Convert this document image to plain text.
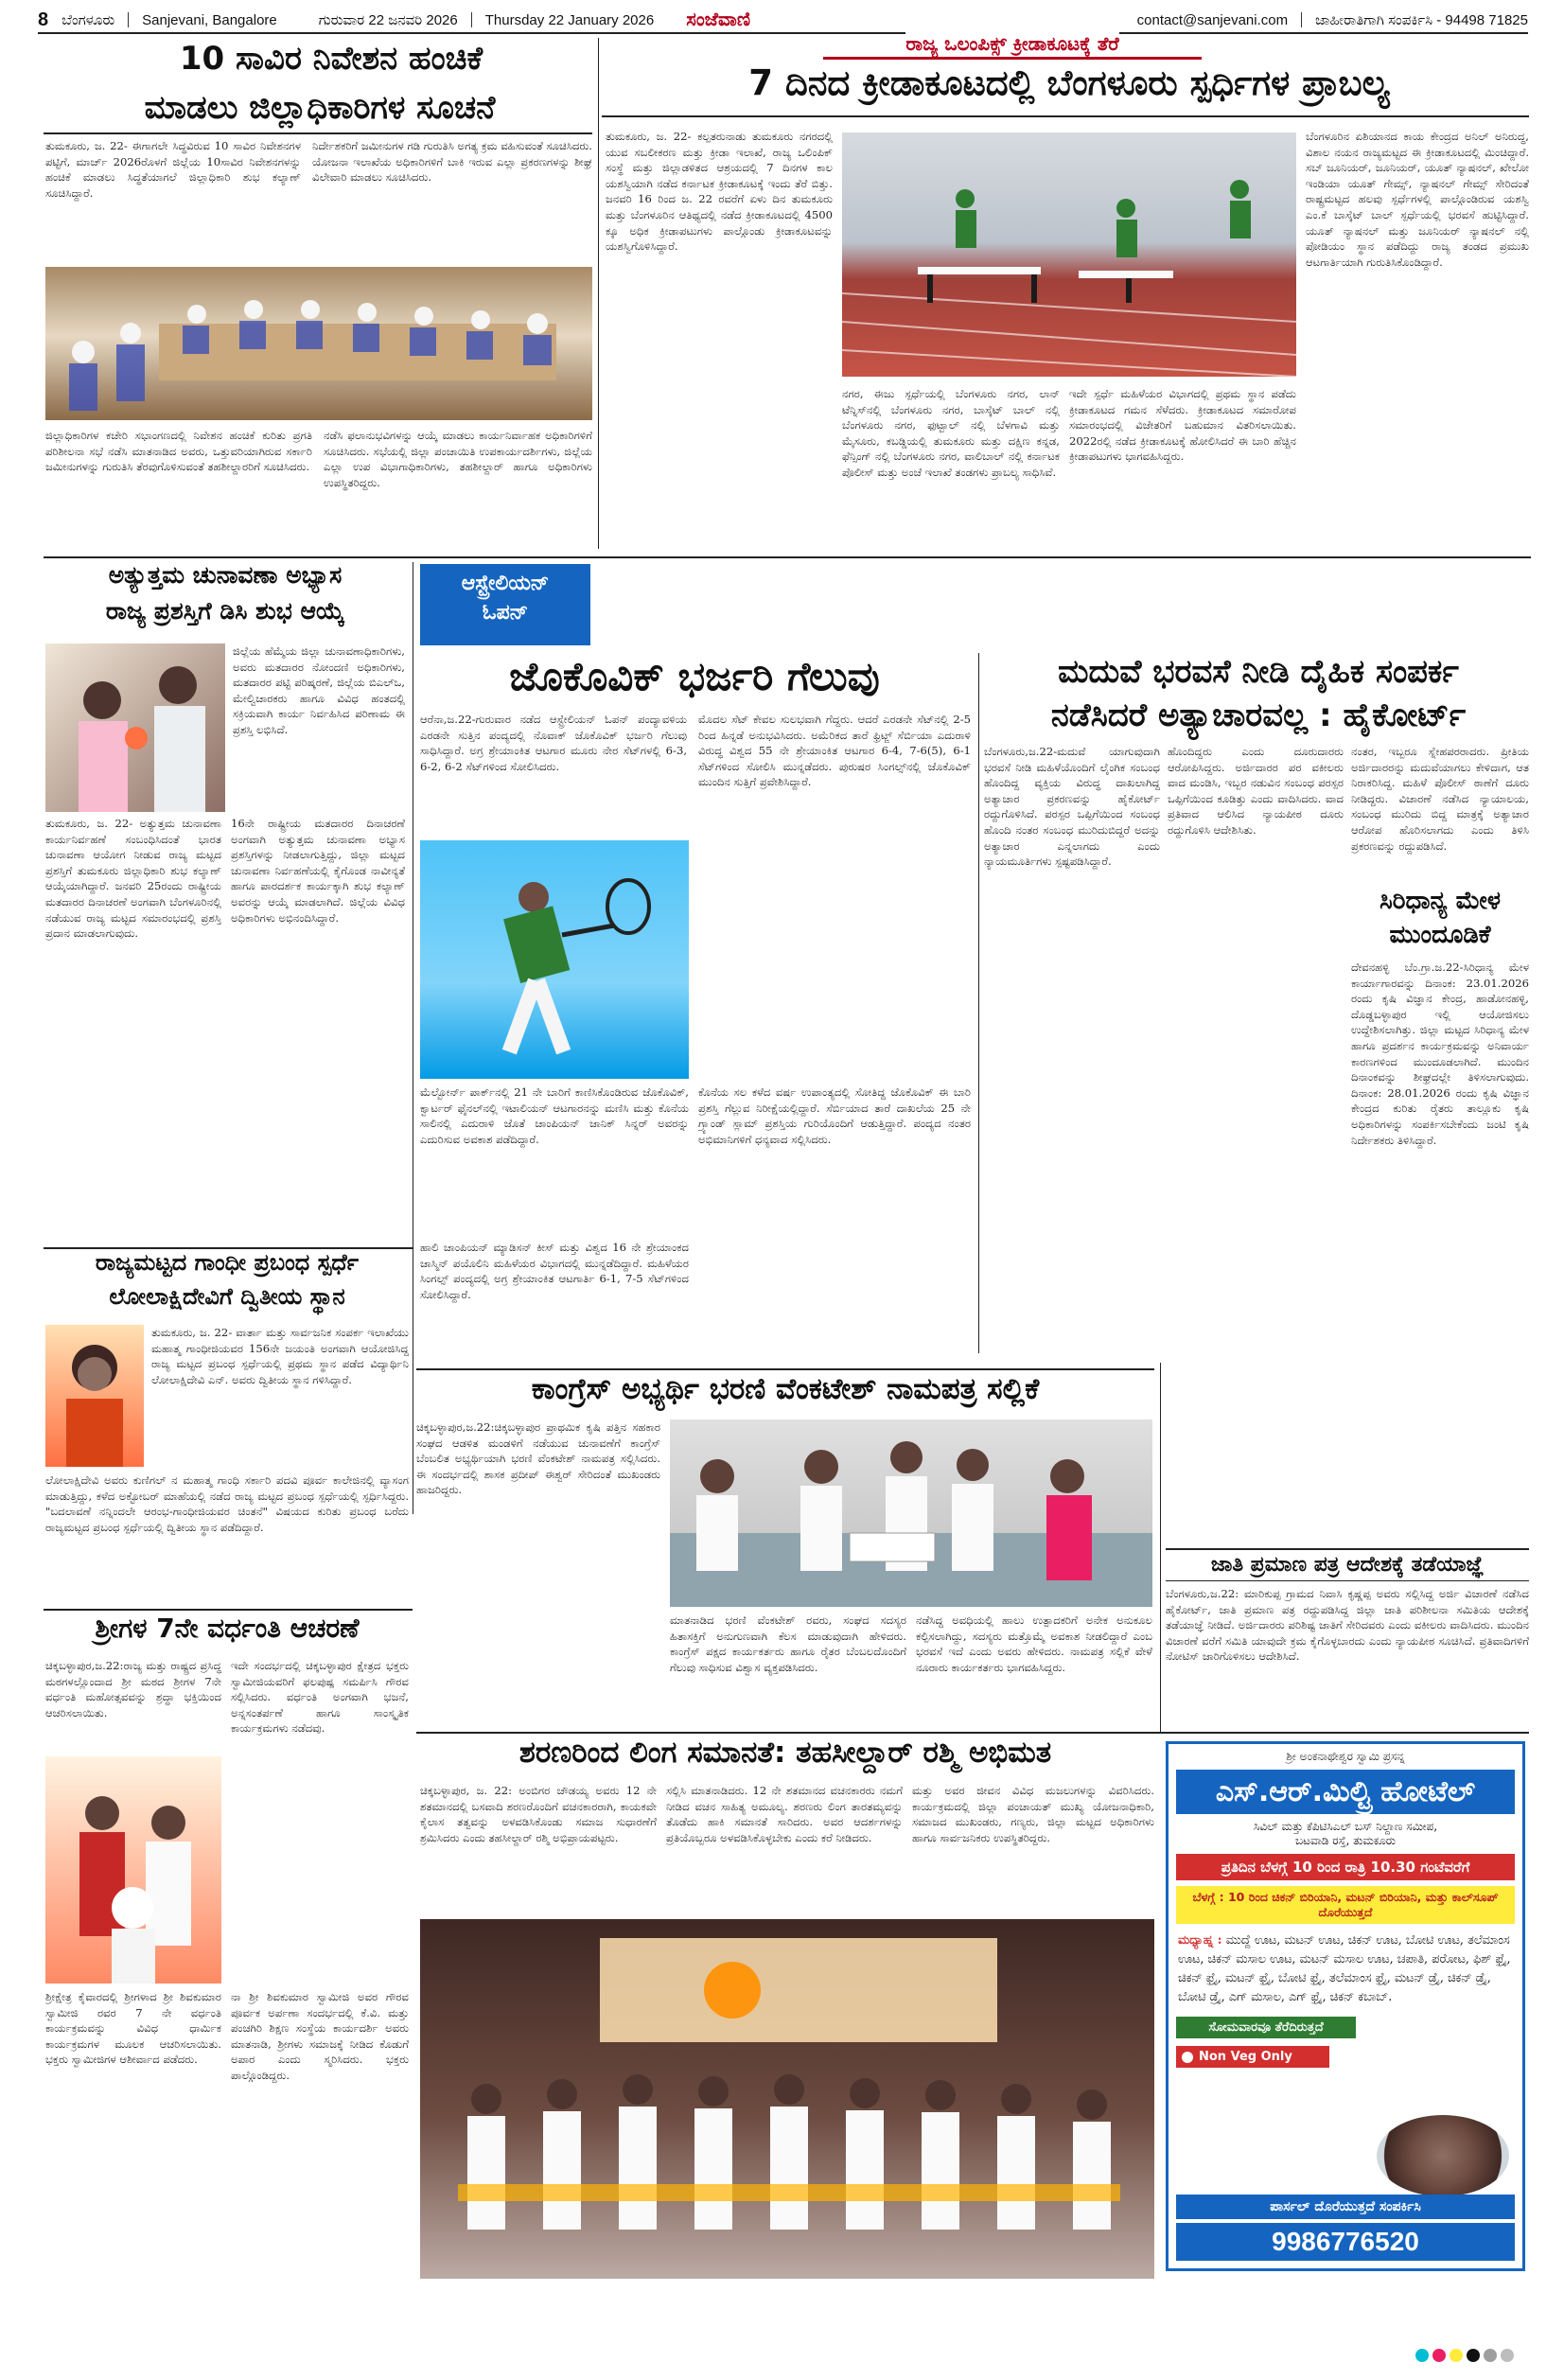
8 ಬೆಂಗಳೂರು Sanjevani, Bangalore	ಗುರುವಾರ 22 ಜನವರಿ 2026 Thursday 22 January 2026 ಸಂಜೆವಾಣಿ	contact@sanjevani.com ಜಾಹೀರಾತಿಗಾಗಿ ಸಂಪರ್ಕಿಸಿ - 94498 71825
10 ಸಾವಿರ ನಿವೇಶನ ಹಂಚಿಕೆ
ಮಾಡಲು ಜಿಲ್ಲಾಧಿಕಾರಿಗಳ ಸೂಚನೆ
ತುಮಕೂರು, ಜ. 22- ಈಗಾಗಲೇ ಸಿದ್ಧವಿರುವ 10 ಸಾವಿರ ನಿವೇಶನಗಳ ಪಟ್ಟಿಗೆ, ಮಾರ್ಚ್ 2026ರೊಳಗೆ ಜಿಲ್ಲೆಯ 10ಸಾವಿರ ನಿವೇಶನಗಳನ್ನು ಹಂಚಿಕೆ ಮಾಡಲು ಸಿದ್ಧತೆಯಾಗಲೆ ಜಿಲ್ಲಾಧಿಕಾರಿ ಶುಭ ಕಲ್ಯಾಣ್ ಸೂಚಿಸಿದ್ದಾರೆ.
ನಿರ್ದೇಶಕರಿಗೆ ಜಮೀನುಗಳ ಗಡಿ ಗುರುತಿಸಿ ಅಗತ್ಯ ಕ್ರಮ ವಹಿಸುವಂತೆ ಸೂಚಿಸಿದರು. ಯೋಜನಾ ಇಲಾಖೆಯ ಅಧಿಕಾರಿಗಳಿಗೆ ಬಾಕಿ ಇರುವ ಎಲ್ಲಾ ಪ್ರಕರಣಗಳನ್ನು ಶೀಘ್ರ ವಿಲೇವಾರಿ ಮಾಡಲು ಸೂಚಿಸಿದರು.
ಜಿಲ್ಲಾಧಿಕಾರಿಗಳ ಕಚೇರಿ ಸಭಾಂಗಣದಲ್ಲಿ ನಿವೇಶನ ಹಂಚಿಕೆ ಕುರಿತು ಪ್ರಗತಿ ಪರಿಶೀಲನಾ ಸಭೆ ನಡೆಸಿ ಮಾತನಾಡಿದ ಅವರು, ಒತ್ತುವರಿಯಾಗಿರುವ ಸರ್ಕಾರಿ ಜಮೀನುಗಳನ್ನು ಗುರುತಿಸಿ ತೆರವುಗೊಳಿಸುವಂತೆ ತಹಶೀಲ್ದಾರರಿಗೆ ಸೂಚಿಸಿದರು.
ನಡೆಸಿ ಫಲಾನುಭವಿಗಳನ್ನು ಆಯ್ಕೆ ಮಾಡಲು ಕಾರ್ಯನಿರ್ವಾಹಕ ಅಧಿಕಾರಿಗಳಿಗೆ ಸೂಚಿಸಿದರು. ಸಭೆಯಲ್ಲಿ ಜಿಲ್ಲಾ ಪಂಚಾಯಿತಿ ಉಪಕಾರ್ಯದರ್ಶಿಗಳು, ಜಿಲ್ಲೆಯ ಎಲ್ಲಾ ಉಪ ವಿಭಾಗಾಧಿಕಾರಿಗಳು, ತಹಶೀಲ್ದಾರ್ ಹಾಗೂ ಅಧಿಕಾರಿಗಳು ಉಪಸ್ಥಿತರಿದ್ದರು.
ರಾಜ್ಯ ಒಲಂಪಿಕ್ಸ್ ಕ್ರೀಡಾಕೂಟಕ್ಕೆ ತೆರೆ
7 ದಿನದ ಕ್ರೀಡಾಕೂಟದಲ್ಲಿ ಬೆಂಗಳೂರು ಸ್ಪರ್ಧಿಗಳ ಪ್ರಾಬಲ್ಯ
ತುಮಕೂರು, ಜ. 22- ಕಲ್ಪತರುನಾಡು ತುಮಕೂರು ನಗರದಲ್ಲಿ ಯುವ ಸಬಲೀಕರಣ ಮತ್ತು ಕ್ರೀಡಾ ಇಲಾಖೆ, ರಾಜ್ಯ ಒಲಿಂಪಿಕ್ ಸಂಸ್ಥೆ ಮತ್ತು ಜಿಲ್ಲಾಡಳಿತದ ಆಶ್ರಯದಲ್ಲಿ 7 ದಿನಗಳ ಕಾಲ ಯಶಸ್ವಿಯಾಗಿ ನಡೆದ ಕರ್ನಾಟಕ ಕ್ರೀಡಾಕೂಟಕ್ಕೆ ಇಂದು ತೆರೆ ಬಿತ್ತು. ಜನವರಿ 16 ರಿಂದ ಜ. 22 ರವರೆಗೆ ಏಳು ದಿನ ತುಮಕೂರು ಮತ್ತು ಬೆಂಗಳೂರಿನ ಆತಿಥ್ಯದಲ್ಲಿ ನಡೆದ ಕ್ರೀಡಾಕೂಟದಲ್ಲಿ 4500 ಕ್ಕೂ ಅಧಿಕ ಕ್ರೀಡಾಪಟುಗಳು ಪಾಲ್ಗೊಂಡು ಕ್ರೀಡಾಕೂಟವನ್ನು ಯಶಸ್ವಿಗೊಳಿಸಿದ್ದಾರೆ.
ನಗರ, ಈಜು ಸ್ಪರ್ಧೆಯಲ್ಲಿ ಬೆಂಗಳೂರು ನಗರ, ಲಾನ್ ಟೆನ್ನಿಸ್‌ನಲ್ಲಿ ಬೆಂಗಳೂರು ನಗರ, ಬಾಸ್ಕೆಟ್ ಬಾಲ್ ನಲ್ಲಿ ಬೆಂಗಳೂರು ನಗರ, ಫುಟ್ಬಾಲ್ ನಲ್ಲಿ ಬೆಳಗಾವಿ ಮತ್ತು ಮೈಸೂರು, ಕಬಡ್ಡಿಯಲ್ಲಿ ತುಮಕೂರು ಮತ್ತು ದಕ್ಷಿಣ ಕನ್ನಡ, ಫೆನ್ಸಿಂಗ್ ನಲ್ಲಿ ಬೆಂಗಳೂರು ನಗರ, ವಾಲಿಬಾಲ್ ನಲ್ಲಿ ಕರ್ನಾಟಕ ಪೊಲೀಸ್ ಮತ್ತು ಅಂಚೆ ಇಲಾಖೆ ತಂಡಗಳು ಪ್ರಾಬಲ್ಯ ಸಾಧಿಸಿವೆ.
ಇದೇ ಸ್ಪರ್ಧೆ ಮಹಿಳೆಯರ ವಿಭಾಗದಲ್ಲಿ ಪ್ರಥಮ ಸ್ಥಾನ ಪಡೆದು ಕ್ರೀಡಾಕೂಟದ ಗಮನ ಸೆಳೆದರು. ಕ್ರೀಡಾಕೂಟದ ಸಮಾರೋಪ ಸಮಾರಂಭದಲ್ಲಿ ವಿಜೇತರಿಗೆ ಬಹುಮಾನ ವಿತರಿಸಲಾಯಿತು. 2022ರಲ್ಲಿ ನಡೆದ ಕ್ರೀಡಾಕೂಟಕ್ಕೆ ಹೋಲಿಸಿದರೆ ಈ ಬಾರಿ ಹೆಚ್ಚಿನ ಕ್ರೀಡಾಪಟುಗಳು ಭಾಗವಹಿಸಿದ್ದರು.
ಬೆಂಗಳೂರಿನ ಏಶಿಯಾನದ ಕಾಯ ಕೇಂದ್ರದ ಅನಿಲ್ ಅನಿರುದ್ಧ, ವಿಶಾಲ ನಯನ ರಾಜ್ಯಮಟ್ಟದ ಈ ಕ್ರೀಡಾಕೂಟದಲ್ಲಿ ಮಿಂಚಿದ್ದಾರೆ. ಸಬ್ ಜೂನಿಯರ್, ಜೂನಿಯರ್, ಯೂತ್ ನ್ಯಾಷನಲ್, ಖೇಲೋ ಇಂಡಿಯಾ ಯೂತ್ ಗೇಮ್ಸ್, ನ್ಯಾಷನಲ್ ಗೇಮ್ಸ್ ಸೇರಿದಂತೆ ರಾಷ್ಟ್ರಮಟ್ಟದ ಹಲವು ಸ್ಪರ್ಧೆಗಳಲ್ಲಿ ಪಾಲ್ಗೊಂಡಿರುವ ಯಶಸ್ವಿ ಎಂ.ಕೆ ಬಾಸ್ಕೆಟ್ ಬಾಲ್ ಸ್ಪರ್ಧೆಯಲ್ಲಿ ಭರವಸೆ ಹುಟ್ಟಿಸಿದ್ದಾರೆ. ಯೂತ್ ನ್ಯಾಷನಲ್ ಮತ್ತು ಜೂನಿಯರ್ ನ್ಯಾಷನಲ್ ನಲ್ಲಿ ಪೋಡಿಯಂ ಸ್ಥಾನ ಪಡೆದಿದ್ದು ರಾಜ್ಯ ತಂಡದ ಪ್ರಮುಖ ಆಟಗಾರ್ತಿಯಾಗಿ ಗುರುತಿಸಿಕೊಂಡಿದ್ದಾರೆ.
ಅತ್ಯುತ್ತಮ ಚುನಾವಣಾ ಅಭ್ಯಾಸ
ರಾಜ್ಯ ಪ್ರಶಸ್ತಿಗೆ ಡಿಸಿ ಶುಭ ಆಯ್ಕೆ
ಜಿಲ್ಲೆಯ ಹೆಮ್ಮೆಯ ಜಿಲ್ಲಾ ಚುನಾವಣಾಧಿಕಾರಿಗಳು, ಅವರು ಮತದಾರರ ನೋಂದಣಿ ಅಧಿಕಾರಿಗಳು, ಮತದಾರರ ಪಟ್ಟಿ ಪರಿಷ್ಕರಣೆ, ಜಿಲ್ಲೆಯ ಬಿಎಲ್‌ಒ, ಮೇಲ್ವಿಚಾರಕರು ಹಾಗೂ ವಿವಿಧ ಹಂತದಲ್ಲಿ ಸಕ್ರಿಯವಾಗಿ ಕಾರ್ಯ ನಿರ್ವಹಿಸಿದ ಪರಿಣಾಮ ಈ ಪ್ರಶಸ್ತಿ ಲಭಿಸಿದೆ.
ತುಮಕೂರು, ಜ. 22- ಅತ್ಯುತ್ತಮ ಚುನಾವಣಾ ಕಾರ್ಯನಿರ್ವಹಣೆ ಸಂಬಂಧಿಸಿದಂತೆ ಭಾರತ ಚುನಾವಣಾ ಆಯೋಗ ನೀಡುವ ರಾಜ್ಯ ಮಟ್ಟದ ಪ್ರಶಸ್ತಿಗೆ ತುಮಕೂರು ಜಿಲ್ಲಾಧಿಕಾರಿ ಶುಭ ಕಲ್ಯಾಣ್ ಆಯ್ಕೆಯಾಗಿದ್ದಾರೆ. ಜನವರಿ 25ರಂದು ರಾಷ್ಟ್ರೀಯ ಮತದಾರರ ದಿನಾಚರಣೆ ಅಂಗವಾಗಿ ಬೆಂಗಳೂರಿನಲ್ಲಿ ನಡೆಯುವ ರಾಜ್ಯ ಮಟ್ಟದ ಸಮಾರಂಭದಲ್ಲಿ ಪ್ರಶಸ್ತಿ ಪ್ರದಾನ ಮಾಡಲಾಗುವುದು.
16ನೇ ರಾಷ್ಟ್ರೀಯ ಮತದಾರರ ದಿನಾಚರಣೆ ಅಂಗವಾಗಿ ಅತ್ಯುತ್ತಮ ಚುನಾವಣಾ ಅಭ್ಯಾಸ ಪ್ರಶಸ್ತಿಗಳನ್ನು ನೀಡಲಾಗುತ್ತಿದ್ದು, ಜಿಲ್ಲಾ ಮಟ್ಟದ ಚುನಾವಣಾ ನಿರ್ವಹಣೆಯಲ್ಲಿ ಕೈಗೊಂಡ ನಾವೀನ್ಯತೆ ಹಾಗೂ ಪಾರದರ್ಶಕ ಕಾರ್ಯಕ್ಕಾಗಿ ಶುಭ ಕಲ್ಯಾಣ್ ಅವರನ್ನು ಆಯ್ಕೆ ಮಾಡಲಾಗಿದೆ. ಜಿಲ್ಲೆಯ ವಿವಿಧ ಅಧಿಕಾರಿಗಳು ಅಭಿನಂದಿಸಿದ್ದಾರೆ.
ಆಸ್ಟ್ರೇಲಿಯನ್
ಓಪನ್
ಜೊಕೊವಿಕ್ ಭರ್ಜರಿ ಗೆಲುವು
ಆರೆನಾ,ಜ.22-ಗುರುವಾರ ನಡೆದ ಆಸ್ಟ್ರೇಲಿಯನ್ ಓಪನ್ ಪಂದ್ಯಾವಳಿಯ ಎರಡನೇ ಸುತ್ತಿನ ಪಂದ್ಯದಲ್ಲಿ ನೊವಾಕ್ ಜೊಕೊವಿಕ್ ಭರ್ಜರಿ ಗೆಲುವು ಸಾಧಿಸಿದ್ದಾರೆ. ಅಗ್ರ ಶ್ರೇಯಾಂಕಿತ ಆಟಗಾರ ಮೂರು ನೇರ ಸೆಟ್‌ಗಳಲ್ಲಿ 6-3, 6-2, 6-2 ಸೆಟ್‌ಗಳಿಂದ ಸೋಲಿಸಿದರು.
ಮೊದಲ ಸೆಟ್ ಕೇವಲ ಸುಲಭವಾಗಿ ಗೆದ್ದರು. ಆದರೆ ಎರಡನೇ ಸೆಟ್‌ನಲ್ಲಿ 2-5 ರಿಂದ ಹಿನ್ನಡೆ ಅನುಭವಿಸಿದರು. ಅಮೆರಿಕದ ತಾರೆ ಫ್ರಿಟ್ಜ್ ಸೆರ್ಬಿಯಾ ಎದುರಾಳಿ ವಿರುದ್ಧ ವಿಶ್ವದ 55 ನೇ ಶ್ರೇಯಾಂಕಿತ ಆಟಗಾರ 6-4, 7-6(5), 6-1 ಸೆಟ್‌ಗಳಿಂದ ಸೋಲಿಸಿ ಮುನ್ನಡೆದರು. ಪುರುಷರ ಸಿಂಗಲ್ಸ್‌ನಲ್ಲಿ ಜೊಕೊವಿಕ್ ಮುಂದಿನ ಸುತ್ತಿಗೆ ಪ್ರವೇಶಿಸಿದ್ದಾರೆ.
ಮೆಲ್ಬೋರ್ನ್ ಪಾರ್ಕ್‌ನಲ್ಲಿ 21 ನೇ ಬಾರಿಗೆ ಕಾಣಿಸಿಕೊಂಡಿರುವ ಜೊಕೊವಿಕ್, ಕ್ವಾರ್ಟರ್ ಫೈನಲ್‌ನಲ್ಲಿ ಇಟಾಲಿಯನ್ ಆಟಗಾರನನ್ನು ಮಣಿಸಿ ಮತ್ತು ಕೊನೆಯ ಸಾಲಿನಲ್ಲಿ ಎದುರಾಳಿ ಜೊತೆ ಚಾಂಪಿಯನ್ ಜಾನಿಕ್ ಸಿನ್ನರ್ ಅವರನ್ನು ಎದುರಿಸುವ ಅವಕಾಶ ಪಡೆದಿದ್ದಾರೆ.
ಹಾಲಿ ಚಾಂಪಿಯನ್ ಮ್ಯಾಡಿಸನ್ ಕೀಸ್ ಮತ್ತು ವಿಶ್ವದ 16 ನೇ ಶ್ರೇಯಾಂಕದ ಜಾಸ್ಮಿನ್ ಪಯೊಲಿನಿ ಮಹಿಳೆಯರ ವಿಭಾಗದಲ್ಲಿ ಮುನ್ನಡೆದಿದ್ದಾರೆ. ಮಹಿಳೆಯರ ಸಿಂಗಲ್ಸ್ ಪಂದ್ಯದಲ್ಲಿ ಅಗ್ರ ಶ್ರೇಯಾಂಕಿತ ಆಟಗಾರ್ತಿ 6-1, 7-5 ಸೆಟ್‌ಗಳಿಂದ ಸೋಲಿಸಿದ್ದಾರೆ.
ಕೊನೆಯ ಸಲ ಕಳೆದ ವರ್ಷ ಉಪಾಂತ್ಯದಲ್ಲಿ ಸೋತಿದ್ದ ಜೊಕೊವಿಕ್ ಈ ಬಾರಿ ಪ್ರಶಸ್ತಿ ಗೆಲ್ಲುವ ನಿರೀಕ್ಷೆಯಲ್ಲಿದ್ದಾರೆ. ಸೆರ್ಬಿಯಾದ ತಾರೆ ದಾಖಲೆಯ 25 ನೇ ಗ್ರ್ಯಾಂಡ್ ಸ್ಲಾಮ್ ಪ್ರಶಸ್ತಿಯ ಗುರಿಯೊಂದಿಗೆ ಆಡುತ್ತಿದ್ದಾರೆ. ಪಂದ್ಯದ ನಂತರ ಅಭಿಮಾನಿಗಳಿಗೆ ಧನ್ಯವಾದ ಸಲ್ಲಿಸಿದರು.
ಮದುವೆ ಭರವಸೆ ನೀಡಿ ದೈಹಿಕ ಸಂಪರ್ಕ
ನಡೆಸಿದರೆ ಅತ್ಯಾಚಾರವಲ್ಲ : ಹೈಕೋರ್ಟ್
ಬೆಂಗಳೂರು,ಜ.22-ಮದುವೆ ಯಾಗುವುದಾಗಿ ಭರವಸೆ ನೀಡಿ ಮಹಿಳೆಯೊಂದಿಗೆ ಲೈಂಗಿಕ ಸಂಬಂಧ ಹೊಂದಿದ್ದ ವ್ಯಕ್ತಿಯ ವಿರುದ್ಧ ದಾಖಲಾಗಿದ್ದ ಅತ್ಯಾಚಾರ ಪ್ರಕರಣವನ್ನು ಹೈಕೋರ್ಟ್ ರದ್ದುಗೊಳಿಸಿದೆ. ಪರಸ್ಪರ ಒಪ್ಪಿಗೆಯಿಂದ ಸಂಬಂಧ ಹೊಂದಿ ನಂತರ ಸಂಬಂಧ ಮುರಿದುಬಿದ್ದರೆ ಅದನ್ನು ಅತ್ಯಾಚಾರ ಎನ್ನಲಾಗದು ಎಂದು ನ್ಯಾಯಮೂರ್ತಿಗಳು ಸ್ಪಷ್ಟಪಡಿಸಿದ್ದಾರೆ.
ಹೊಂದಿದ್ದರು ಎಂದು ದೂರುದಾರರು ಆರೋಪಿಸಿದ್ದರು. ಅರ್ಜಿದಾರರ ಪರ ವಕೀಲರು ವಾದ ಮಂಡಿಸಿ, ಇಬ್ಬರ ನಡುವಿನ ಸಂಬಂಧ ಪರಸ್ಪರ ಒಪ್ಪಿಗೆಯಿಂದ ಕೂಡಿತ್ತು ಎಂದು ವಾದಿಸಿದರು. ವಾದ ಪ್ರತಿವಾದ ಆಲಿಸಿದ ನ್ಯಾಯಪೀಠ ದೂರು ರದ್ದುಗೊಳಿಸಿ ಆದೇಶಿಸಿತು.
ನಂತರ, ಇಬ್ಬರೂ ಸ್ನೇಹಪರರಾದರು. ಪ್ರೀತಿಯ ಅರ್ಜಿದಾರರನ್ನು ಮದುವೆಯಾಗಲು ಕೇಳಿದಾಗ, ಆತ ನಿರಾಕರಿಸಿದ್ದ. ಮಹಿಳೆ ಪೊಲೀಸ್ ಠಾಣೆಗೆ ದೂರು ನೀಡಿದ್ದರು. ವಿಚಾರಣೆ ನಡೆಸಿದ ನ್ಯಾಯಾಲಯ, ಸಂಬಂಧ ಮುರಿದು ಬಿದ್ದ ಮಾತ್ರಕ್ಕೆ ಅತ್ಯಾಚಾರ ಆರೋಪ ಹೊರಿಸಲಾಗದು ಎಂದು ತಿಳಿಸಿ ಪ್ರಕರಣವನ್ನು ರದ್ದುಪಡಿಸಿದೆ.
ಸಿರಿಧಾನ್ಯ ಮೇಳ
ಮುಂದೂಡಿಕೆ
ದೇವನಹಳ್ಳಿ ಬೆಂ.ಗ್ರಾ.ಜ.22-ಸಿರಿಧಾನ್ಯ ಮೇಳ ಕಾರ್ಯಾಗಾರವನ್ನು ದಿನಾಂಕ: 23.01.2026 ರಂದು ಕೃಷಿ ವಿಜ್ಞಾನ ಕೇಂದ್ರ, ಹಾಡೋನಹಳ್ಳಿ, ದೊಡ್ಡಬಳ್ಳಾಪುರ ಇಲ್ಲಿ ಆಯೋಜಿಸಲು ಉದ್ದೇಶಿಸಲಾಗಿತ್ತು. ಜಿಲ್ಲಾ ಮಟ್ಟದ ಸಿರಿಧಾನ್ಯ ಮೇಳ ಹಾಗೂ ಪ್ರದರ್ಶನ ಕಾರ್ಯಕ್ರಮವನ್ನು ಅನಿವಾರ್ಯ ಕಾರಣಗಳಿಂದ ಮುಂದೂಡಲಾಗಿದೆ. ಮುಂದಿನ ದಿನಾಂಕವನ್ನು ಶೀಘ್ರದಲ್ಲೇ ತಿಳಿಸಲಾಗುವುದು. ದಿನಾಂಕ: 28.01.2026 ರಂದು ಕೃಷಿ ವಿಜ್ಞಾನ ಕೇಂದ್ರದ ಕುರಿತು ರೈತರು ತಾಲ್ಲೂಕು ಕೃಷಿ ಅಧಿಕಾರಿಗಳನ್ನು ಸಂಪರ್ಕಿಸಬೇಕೆಂದು ಜಂಟಿ ಕೃಷಿ ನಿರ್ದೇಶಕರು ತಿಳಿಸಿದ್ದಾರೆ.
ರಾಜ್ಯಮಟ್ಟದ ಗಾಂಧೀ ಪ್ರಬಂಧ ಸ್ಪರ್ಧೆ
ಲೋಲಾಕ್ಷಿದೇವಿಗೆ ದ್ವಿತೀಯ ಸ್ಥಾನ
ತುಮಕೂರು, ಜ. 22- ವಾರ್ತಾ ಮತ್ತು ಸಾರ್ವಜನಿಕ ಸಂಪರ್ಕ ಇಲಾಖೆಯು ಮಹಾತ್ಮ ಗಾಂಧೀಜಿಯವರ 156ನೇ ಜಯಂತಿ ಅಂಗವಾಗಿ ಆಯೋಜಿಸಿದ್ದ ರಾಜ್ಯ ಮಟ್ಟದ ಪ್ರಬಂಧ ಸ್ಪರ್ಧೆಯಲ್ಲಿ ಪ್ರಥಮ ಸ್ಥಾನ ಪಡೆದ ವಿದ್ಯಾರ್ಥಿನಿ ಲೋಲಾಕ್ಷಿದೇವಿ ಎನ್. ಅವರು ದ್ವಿತೀಯ ಸ್ಥಾನ ಗಳಿಸಿದ್ದಾರೆ.
ಲೋಲಾಕ್ಷಿದೇವಿ ಅವರು ಕುಣಿಗಲ್ ನ ಮಹಾತ್ಮ ಗಾಂಧಿ ಸರ್ಕಾರಿ ಪದವಿ ಪೂರ್ವ ಕಾಲೇಜಿನಲ್ಲಿ ವ್ಯಾಸಂಗ ಮಾಡುತ್ತಿದ್ದು, ಕಳೆದ ಅಕ್ಟೋಬರ್ ಮಾಹೆಯಲ್ಲಿ ನಡೆದ ರಾಜ್ಯ ಮಟ್ಟದ ಪ್ರಬಂಧ ಸ್ಪರ್ಧೆಯಲ್ಲಿ ಸ್ಪರ್ಧಿಸಿದ್ದರು. "ಬದಲಾವಣೆ ನನ್ನಿಂದಲೇ ಆರಂಭ-ಗಾಂಧೀಜಿಯವರ ಚಿಂತನೆ" ವಿಷಯದ ಕುರಿತು ಪ್ರಬಂಧ ಬರೆದು ರಾಜ್ಯಮಟ್ಟದ ಪ್ರಬಂಧ ಸ್ಪರ್ಧೆಯಲ್ಲಿ ದ್ವಿತೀಯ ಸ್ಥಾನ ಪಡೆದಿದ್ದಾರೆ.
ಕಾಂಗ್ರೆಸ್ ಅಭ್ಯರ್ಥಿ ಭರಣಿ ವೆಂಕಟೇಶ್ ನಾಮಪತ್ರ ಸಲ್ಲಿಕೆ
ಚಿಕ್ಕಬಳ್ಳಾಪುರ,ಜ.22:ಚಿಕ್ಕಬಳ್ಳಾಪುರ ಪ್ರಾಥಮಿಕ ಕೃಷಿ ಪತ್ತಿನ ಸಹಕಾರ ಸಂಘದ ಆಡಳಿತ ಮಂಡಳಿಗೆ ನಡೆಯುವ ಚುನಾವಣೆಗೆ ಕಾಂಗ್ರೆಸ್ ಬೆಂಬಲಿತ ಅಭ್ಯರ್ಥಿಯಾಗಿ ಭರಣಿ ವೆಂಕಟೇಶ್ ನಾಮಪತ್ರ ಸಲ್ಲಿಸಿದರು. ಈ ಸಂದರ್ಭದಲ್ಲಿ ಶಾಸಕ ಪ್ರದೀಪ್ ಈಶ್ವರ್ ಸೇರಿದಂತೆ ಮುಖಂಡರು ಹಾಜರಿದ್ದರು.
ಮಾತನಾಡಿದ ಭರಣಿ ವೆಂಕಟೇಶ್ ರವರು, ಸಂಘದ ಸದಸ್ಯರ ಹಿತಾಸಕ್ತಿಗೆ ಅನುಗುಣವಾಗಿ ಕೆಲಸ ಮಾಡುವುದಾಗಿ ಹೇಳಿದರು. ಕಾಂಗ್ರೆಸ್ ಪಕ್ಷದ ಕಾರ್ಯಕರ್ತರು ಹಾಗೂ ರೈತರ ಬೆಂಬಲದೊಂದಿಗೆ ಗೆಲುವು ಸಾಧಿಸುವ ವಿಶ್ವಾಸ ವ್ಯಕ್ತಪಡಿಸಿದರು.
ನಡೆಸಿದ್ದ ಅವಧಿಯಲ್ಲಿ ಹಾಲು ಉತ್ಪಾದಕರಿಗೆ ಅನೇಕ ಅನುಕೂಲ ಕಲ್ಪಿಸಲಾಗಿದ್ದು, ಸದಸ್ಯರು ಮತ್ತೊಮ್ಮೆ ಅವಕಾಶ ನೀಡಲಿದ್ದಾರೆ ಎಂಬ ಭರವಸೆ ಇದೆ ಎಂದು ಅವರು ಹೇಳಿದರು. ನಾಮಪತ್ರ ಸಲ್ಲಿಕೆ ವೇಳೆ ನೂರಾರು ಕಾರ್ಯಕರ್ತರು ಭಾಗವಹಿಸಿದ್ದರು.
ಜಾತಿ ಪ್ರಮಾಣ ಪತ್ರ ಆದೇಶಕ್ಕೆ ತಡೆಯಾಜ್ಞೆ
ಬೆಂಗಳೂರು,ಜ.22: ಮಾರಿಕುಪ್ಪ ಗ್ರಾಮದ ನಿವಾಸಿ ಕೃಷ್ಣಪ್ಪ ಅವರು ಸಲ್ಲಿಸಿದ್ದ ಅರ್ಜಿ ವಿಚಾರಣೆ ನಡೆಸಿದ ಹೈಕೋರ್ಟ್, ಜಾತಿ ಪ್ರಮಾಣ ಪತ್ರ ರದ್ದುಪಡಿಸಿದ್ದ ಜಿಲ್ಲಾ ಜಾತಿ ಪರಿಶೀಲನಾ ಸಮಿತಿಯ ಆದೇಶಕ್ಕೆ ತಡೆಯಾಜ್ಞೆ ನೀಡಿದೆ. ಅರ್ಜಿದಾರರು ಪರಿಶಿಷ್ಟ ಜಾತಿಗೆ ಸೇರಿದವರು ಎಂದು ವಕೀಲರು ವಾದಿಸಿದರು. ಮುಂದಿನ ವಿಚಾರಣೆ ವರೆಗೆ ಸಮಿತಿ ಯಾವುದೇ ಕ್ರಮ ಕೈಗೊಳ್ಳಬಾರದು ಎಂದು ನ್ಯಾಯಪೀಠ ಸೂಚಿಸಿದೆ. ಪ್ರತಿವಾದಿಗಳಿಗೆ ನೋಟಿಸ್ ಜಾರಿಗೊಳಿಸಲು ಆದೇಶಿಸಿದೆ.
ಶ್ರೀಗಳ 7ನೇ ವರ್ಧಂತಿ ಆಚರಣೆ
ಚಿಕ್ಕಬಳ್ಳಾಪುರ,ಜ.22:ರಾಜ್ಯ ಮತ್ತು ರಾಷ್ಟ್ರದ ಪ್ರಸಿದ್ಧ ಮಠಗಳಲ್ಲೊಂದಾದ ಶ್ರೀ ಮಠದ ಶ್ರೀಗಳ 7ನೇ ವರ್ಧಂತಿ ಮಹೋತ್ಸವವನ್ನು ಶ್ರದ್ಧಾ ಭಕ್ತಿಯಿಂದ ಆಚರಿಸಲಾಯಿತು.
ಶ್ರೀಕ್ಷೇತ್ರ ಕೈವಾರದಲ್ಲಿ ಶ್ರೀಗಳಾದ ಶ್ರೀ ಶಿವಕುಮಾರ ಸ್ವಾಮೀಜಿ ರವರ 7 ನೇ ವರ್ಧಂತಿ ಕಾರ್ಯಕ್ರಮವನ್ನು ವಿವಿಧ ಧಾರ್ಮಿಕ ಕಾರ್ಯಕ್ರಮಗಳ ಮೂಲಕ ಆಚರಿಸಲಾಯಿತು. ಭಕ್ತರು ಸ್ವಾಮೀಜಿಗಳ ಆಶೀರ್ವಾದ ಪಡೆದರು.
ಇದೇ ಸಂದರ್ಭದಲ್ಲಿ ಚಿಕ್ಕಬಳ್ಳಾಪುರ ಕ್ಷೇತ್ರದ ಭಕ್ತರು ಸ್ವಾಮೀಜಿಯವರಿಗೆ ಫಲಪುಷ್ಪ ಸಮರ್ಪಿಸಿ ಗೌರವ ಸಲ್ಲಿಸಿದರು. ವರ್ಧಂತಿ ಅಂಗವಾಗಿ ಭಜನೆ, ಅನ್ನಸಂತರ್ಪಣೆ ಹಾಗೂ ಸಾಂಸ್ಕೃತಿಕ ಕಾರ್ಯಕ್ರಮಗಳು ನಡೆದವು.
ನಾ ಶ್ರೀ ಶಿವಕುಮಾರ ಸ್ವಾಮೀಜಿ ಅವರ ಗೌರವ ಪೂರ್ವಕ ಅರ್ಪಣಾ ಸಂದರ್ಭದಲ್ಲಿ ಕೆ.ವಿ. ಮತ್ತು ಪಂಚಗಿರಿ ಶಿಕ್ಷಣ ಸಂಸ್ಥೆಯ ಕಾರ್ಯದರ್ಶಿ ಅವರು ಮಾತನಾಡಿ, ಶ್ರೀಗಳು ಸಮಾಜಕ್ಕೆ ನೀಡಿದ ಕೊಡುಗೆ ಅಪಾರ ಎಂದು ಸ್ಮರಿಸಿದರು. ಭಕ್ತರು ಪಾಲ್ಗೊಂಡಿದ್ದರು.
ಶರಣರಿಂದ ಲಿಂಗ ಸಮಾನತೆ: ತಹಸೀಲ್ದಾರ್ ರಶ್ಮಿ ಅಭಿಮತ
ಚಿಕ್ಕಬಳ್ಳಾಪುರ, ಜ. 22: ಅಂಬಿಗರ ಚೌಡಯ್ಯ ಅವರು 12 ನೇ ಶತಮಾನದಲ್ಲಿ ಬಸವಾದಿ ಶರಣರೊಂದಿಗೆ ವಚನಕಾರರಾಗಿ, ಕಾಯಕವೇ ಕೈಲಾಸ ತತ್ವವನ್ನು ಅಳವಡಿಸಿಕೊಂಡು ಸಮಾಜ ಸುಧಾರಣೆಗೆ ಶ್ರಮಿಸಿದರು ಎಂದು ತಹಸೀಲ್ದಾರ್ ರಶ್ಮಿ ಅಭಿಪ್ರಾಯಪಟ್ಟರು.
ಸಲ್ಲಿಸಿ ಮಾತನಾಡಿದರು. 12 ನೇ ಶತಮಾನದ ವಚನಕಾರರು ನಮಗೆ ನೀಡಿದ ವಚನ ಸಾಹಿತ್ಯ ಅಮೂಲ್ಯ. ಶರಣರು ಲಿಂಗ ತಾರತಮ್ಯವನ್ನು ತೊಡೆದು ಹಾಕಿ ಸಮಾನತೆ ಸಾರಿದರು. ಅವರ ಆದರ್ಶಗಳನ್ನು ಪ್ರತಿಯೊಬ್ಬರೂ ಅಳವಡಿಸಿಕೊಳ್ಳಬೇಕು ಎಂದು ಕರೆ ನೀಡಿದರು.
ಮತ್ತು ಅವರ ಜೀವನ ವಿವಿಧ ಮಜಲುಗಳನ್ನು ವಿವರಿಸಿದರು. ಕಾರ್ಯಕ್ರಮದಲ್ಲಿ ಜಿಲ್ಲಾ ಪಂಚಾಯತ್ ಮುಖ್ಯ ಯೋಜನಾಧಿಕಾರಿ, ಸಮಾಜದ ಮುಖಂಡರು, ಗಣ್ಯರು, ಜಿಲ್ಲಾ ಮಟ್ಟದ ಅಧಿಕಾರಿಗಳು ಹಾಗೂ ಸಾರ್ವಜನಿಕರು ಉಪಸ್ಥಿತರಿದ್ದರು.
ಶ್ರೀ ಅಂಕನಾಥೇಶ್ವರ ಸ್ವಾಮಿ ಪ್ರಸನ್ನ
ಎಸ್.ಆರ್.ಮಿಲ್ಟ್ರಿ ಹೋಟೆಲ್
ಸಿವಿಲ್ ಮತ್ತು ಕೆಪಿಟಿಸಿಎಲ್ ಬಸ್ ನಿಲ್ದಾಣ ಸಮೀಪ,
ಬಟವಾಡಿ ರಸ್ತೆ, ತುಮಕೂರು
ಪ್ರತಿದಿನ ಬೆಳಗ್ಗೆ 10 ರಿಂದ ರಾತ್ರಿ 10.30 ಗಂಟೆವರೆಗೆ
ಬೆಳಗ್ಗೆ : 10 ರಿಂದ ಚಿಕನ್ ಬಿರಿಯಾನಿ, ಮಟನ್ ಬಿರಿಯಾನಿ, ಮತ್ತು ಕಾಲ್‌ಸೂಪ್ ದೊರೆಯುತ್ತದೆ
ಮಧ್ಯಾಹ್ನ : ಮುದ್ದೆ ಊಟ, ಮಟನ್ ಊಟ, ಚಿಕನ್ ಊಟ, ಬೋಟಿ ಊಟ, ತಲೆಮಾಂಸ ಊಟ, ಚಿಕನ್ ಮಸಾಲ ಊಟ, ಮಟನ್ ಮಸಾಲ ಊಟ, ಚಪಾತಿ, ಪರೋಟ, ಫಿಶ್ ಫ್ರೈ, ಚಿಕನ್ ಫ್ರೈ, ಮಟನ್ ಫ್ರೈ, ಬೋಟಿ ಫ್ರೈ, ತಲೆಮಾಂಸ ಫ್ರೈ, ಮಟನ್ ಡ್ರೈ, ಚಿಕನ್ ಡ್ರೈ, ಬೋಟಿ ಡ್ರೈ, ಎಗ್ ಮಸಾಲ, ಎಗ್ ಫ್ರೈ, ಚಿಕನ್ ಕಬಾಬ್.
ಸೋಮವಾರವೂ ತೆರೆದಿರುತ್ತದೆ
Non Veg Only
ಪಾರ್ಸಲ್ ದೊರೆಯುತ್ತದೆ ಸಂಪರ್ಕಿಸಿ
9986776520
